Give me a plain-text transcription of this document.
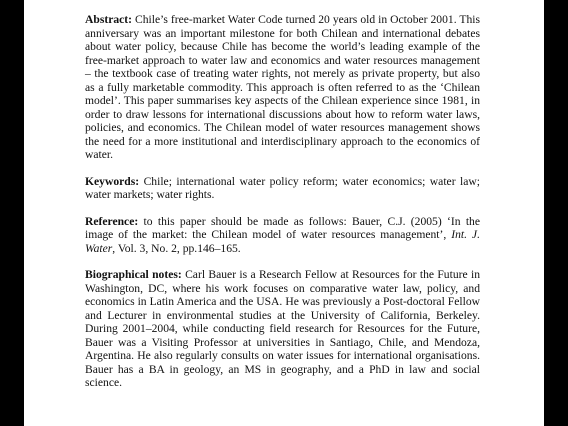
Abstract: Chile’s free-market Water Code turned 20 years old in October 2001. This anniversary was an important milestone for both Chilean and international debates about water policy, because Chile has become the world’s leading example of the free-market approach to water law and economics and water resources management – the textbook case of treating water rights, not merely as private property, but also as a fully marketable commodity. This approach is often referred to as the ‘Chilean model’. This paper summarises key aspects of the Chilean experience since 1981, in order to draw lessons for international discussions about how to reform water laws, policies, and economics. The Chilean model of water resources management shows the need for a more institutional and interdisciplinary approach to the economics of water.

Keywords: Chile; international water policy reform; water economics; water law; water markets; water rights.

Reference: to this paper should be made as follows: Bauer, C.J. (2005) ‘In the image of the market: the Chilean model of water resources management’, Int. J. Water, Vol. 3, No. 2, pp.146–165.

Biographical notes: Carl Bauer is a Research Fellow at Resources for the Future in Washington, DC, where his work focuses on comparative water law, policy, and economics in Latin America and the USA. He was previously a Post-doctoral Fellow and Lecturer in environmental studies at the University of California, Berkeley. During 2001–2004, while conducting field research for Resources for the Future, Bauer was a Visiting Professor at universities in Santiago, Chile, and Mendoza, Argentina. He also regularly consults on water issues for international organisations. Bauer has a BA in geology, an MS in geography, and a PhD in law and social science.
